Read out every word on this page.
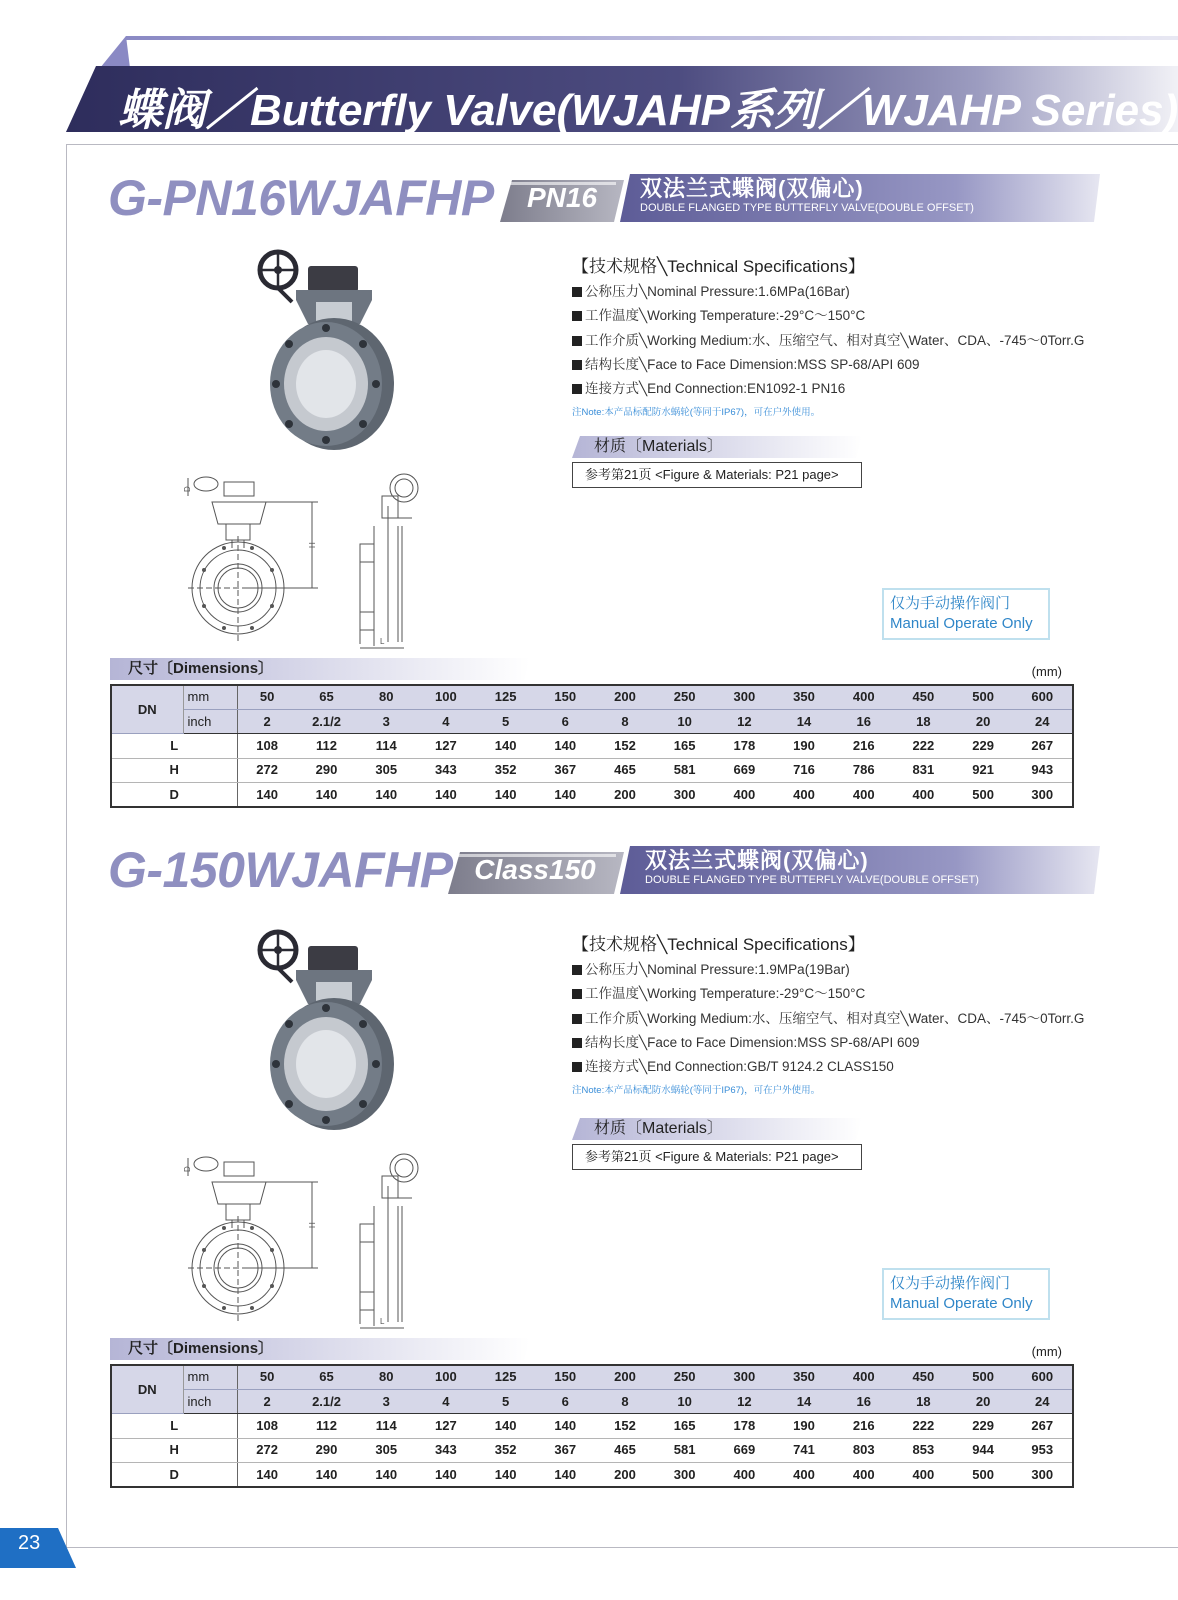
蝶阀／Butterfly Valve(WJAHP系列／WJAHP Series)
G-PN16WJAFHP	PN16	双法兰式蝶阀(双偏心)
DOUBLE FLANGED TYPE BUTTERFLY VALVE(DOUBLE OFFSET)
D
H
L
【技术规格╲Technical Specifications】
公称压力╲Nominal Pressure:1.6MPa(16Bar)
工作温度╲Working Temperature:-29°C～150°C
工作介质╲Working Medium:水、压缩空气、相对真空╲Water、CDA、-745～0Torr.G
结构长度╲Face to Face Dimension:MSS SP-68/API 609
连接方式╲End Connection:EN1092-1 PN16
注Note:本产品标配防水蜗轮(等同于IP67)，可在户外使用。
材质〔Materials〕
参考第21页 <Figure & Materials: P21 page>
仅为手动操作阀门
Manual Operate Only
尺寸〔Dimensions〕	(mm)
DN	mm	50	65	80	100	125	150	200	250	300	350	400	450	500	600
	inch	2	2.1/2	3	4	5	6	8	10	12	14	16	18	20	24
L		108	112	114	127	140	140	152	165	178	190	216	222	229	267
H		272	290	305	343	352	367	465	581	669	716	786	831	921	943
D		140	140	140	140	140	140	200	300	400	400	400	400	500	300
G-150WJAFHP Class150	双法兰式蝶阀(双偏心)
DOUBLE FLANGED TYPE BUTTERFLY VALVE(DOUBLE OFFSET)
D
H
L
【技术规格╲Technical Specifications】
公称压力╲Nominal Pressure:1.9MPa(19Bar)
工作温度╲Working Temperature:-29°C～150°C
工作介质╲Working Medium:水、压缩空气、相对真空╲Water、CDA、-745～0Torr.G
结构长度╲Face to Face Dimension:MSS SP-68/API 609
连接方式╲End Connection:GB/T 9124.2 CLASS150
注Note:本产品标配防水蜗轮(等同于IP67)，可在户外使用。
材质〔Materials〕
参考第21页 <Figure & Materials: P21 page>
仅为手动操作阀门
Manual Operate Only
尺寸〔Dimensions〕	(mm)
DN	mm	50	65	80	100	125	150	200	250	300	350	400	450	500	600
	inch	2	2.1/2	3	4	5	6	8	10	12	14	16	18	20	24
L		108	112	114	127	140	140	152	165	178	190	216	222	229	267
H		272	290	305	343	352	367	465	581	669	741	803	853	944	953
D		140	140	140	140	140	140	200	300	400	400	400	400	500	300
23
